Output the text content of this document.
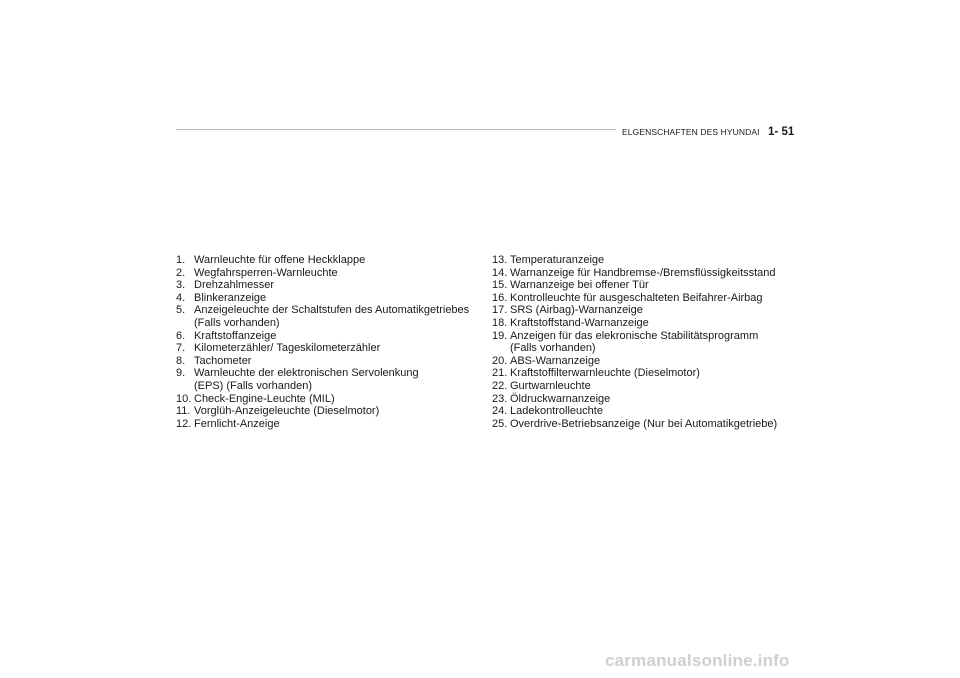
ELGENSCHAFTEN DES HYUNDAI 1- 51
1. Warnleuchte für offene Heckklappe
2. Wegfahrsperren-Warnleuchte
3. Drehzahlmesser
4. Blinkeranzeige
5. Anzeigeleuchte der Schaltstufen des Automatikgetriebes
(Falls vorhanden)
6. Kraftstoffanzeige
7. Kilometerzähler/ Tageskilometerzähler
8. Tachometer
9. Warnleuchte der elektronischen Servolenkung
(EPS) (Falls vorhanden)
10. Check-Engine-Leuchte (MIL)
11. Vorglüh-Anzeigeleuchte (Dieselmotor)
12. Fernlicht-Anzeige
13. Temperaturanzeige
14. Warnanzeige für Handbremse-/Bremsflüssigkeitsstand
15. Warnanzeige bei offener Tür
16. Kontrolleuchte für ausgeschalteten Beifahrer-Airbag
17. SRS (Airbag)-Warnanzeige
18. Kraftstoffstand-Warnanzeige
19. Anzeigen für das elekronische Stabilitätsprogramm
(Falls vorhanden)
20. ABS-Warnanzeige
21. Kraftstoffilterwarnleuchte (Dieselmotor)
22. Gurtwarnleuchte
23. Öldruckwarnanzeige
24. Ladekontrolleuchte
25. Overdrive-Betriebsanzeige (Nur bei Automatikgetriebe)
carmanualsonline.info
